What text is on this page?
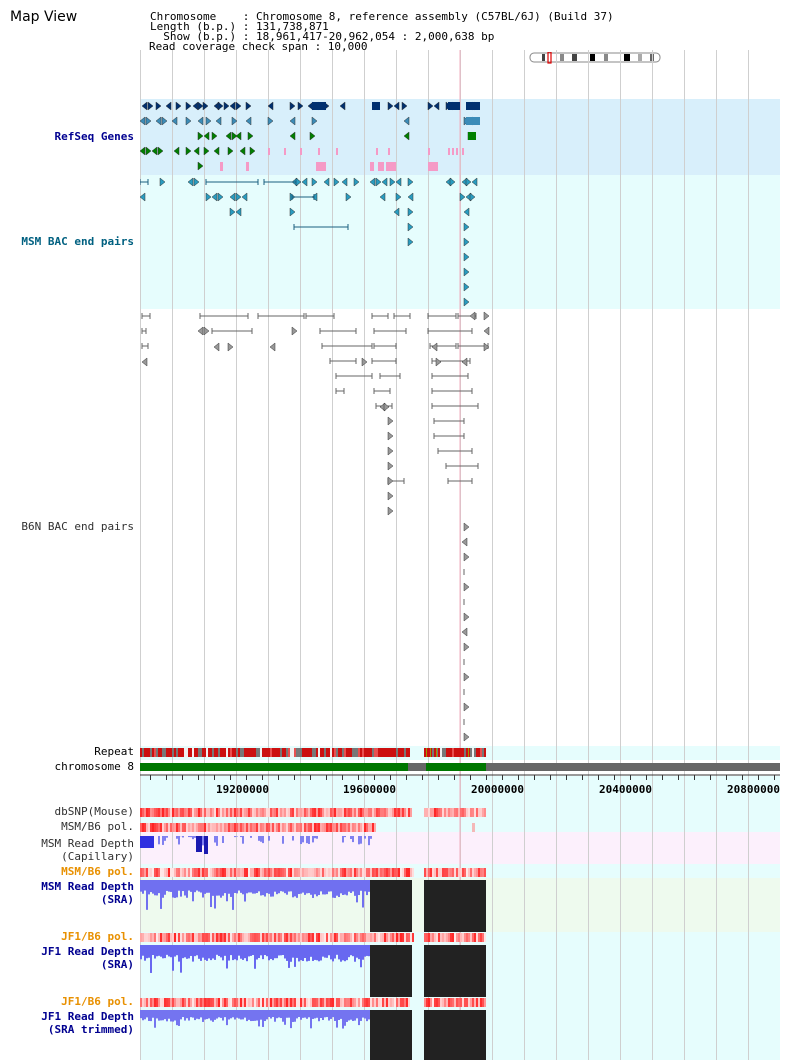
Map View	Chromosome    : Chromosome 8, reference assembly (C57BL/6J) (Build 37)
Length (b.p.) : 131,738,871
Show (b.p.) : 18,961,417-20,962,054 : 2,000,638 bp
Read coverage check span : 10,000
RefSeq Genes
MSM BAC end pairs
B6N BAC end pairs
Repeat
chromosome 8
dbSNP(Mouse)
MSM/B6 pol.
MSM Read Depth
(Capillary)
MSM/B6 pol.
MSM Read Depth
(SRA)
JF1/B6 pol.
JF1 Read Depth
(SRA)
JF1/B6 pol.
JF1 Read Depth
(SRA trimmed)
19200000	19600000	20000000	20400000	20800000
